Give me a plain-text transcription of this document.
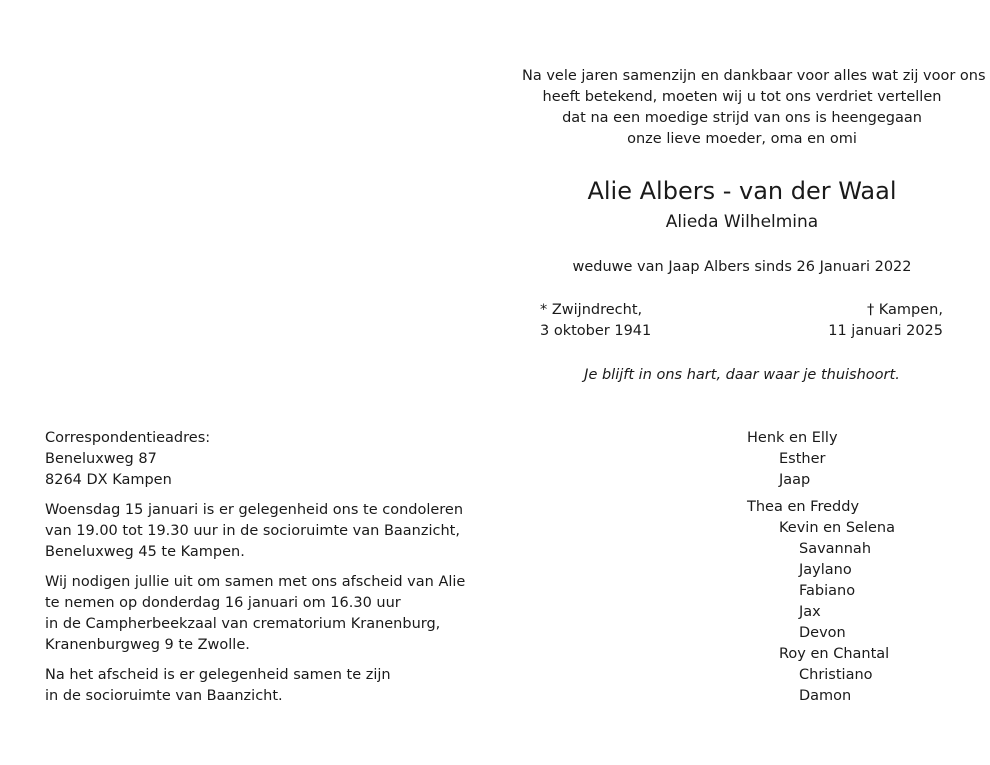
Na vele jaren samenzijn en dankbaar voor alles wat zij voor ons
heeft betekend, moeten wij u tot ons verdriet vertellen
dat na een moedige strijd van ons is heengegaan
onze lieve moeder, oma en omi
Alie Albers - van der Waal
Alieda Wilhelmina
weduwe van Jaap Albers sinds 26 Januari 2022
* Zwijndrecht,
3 oktober 1941
† Kampen,
11 januari 2025
Je blijft in ons hart, daar waar je thuishoort.
Correspondentieadres:
Beneluxweg 87
8264 DX Kampen
Woensdag 15 januari is er gelegenheid ons te condoleren
van 19.00 tot 19.30 uur in de socioruimte van Baanzicht,
Beneluxweg 45 te Kampen.
Wij nodigen jullie uit om samen met ons afscheid van Alie
te nemen op donderdag 16 januari om 16.30 uur
in de Campherbeekzaal van crematorium Kranenburg,
Kranenburgweg 9 te Zwolle.
Na het afscheid is er gelegenheid samen te zijn
in de socioruimte van Baanzicht.
Henk en Elly
Esther
Jaap
Thea en Freddy
Kevin en Selena
Savannah
Jaylano
Fabiano
Jax
Devon
Roy en Chantal
Christiano
Damon
